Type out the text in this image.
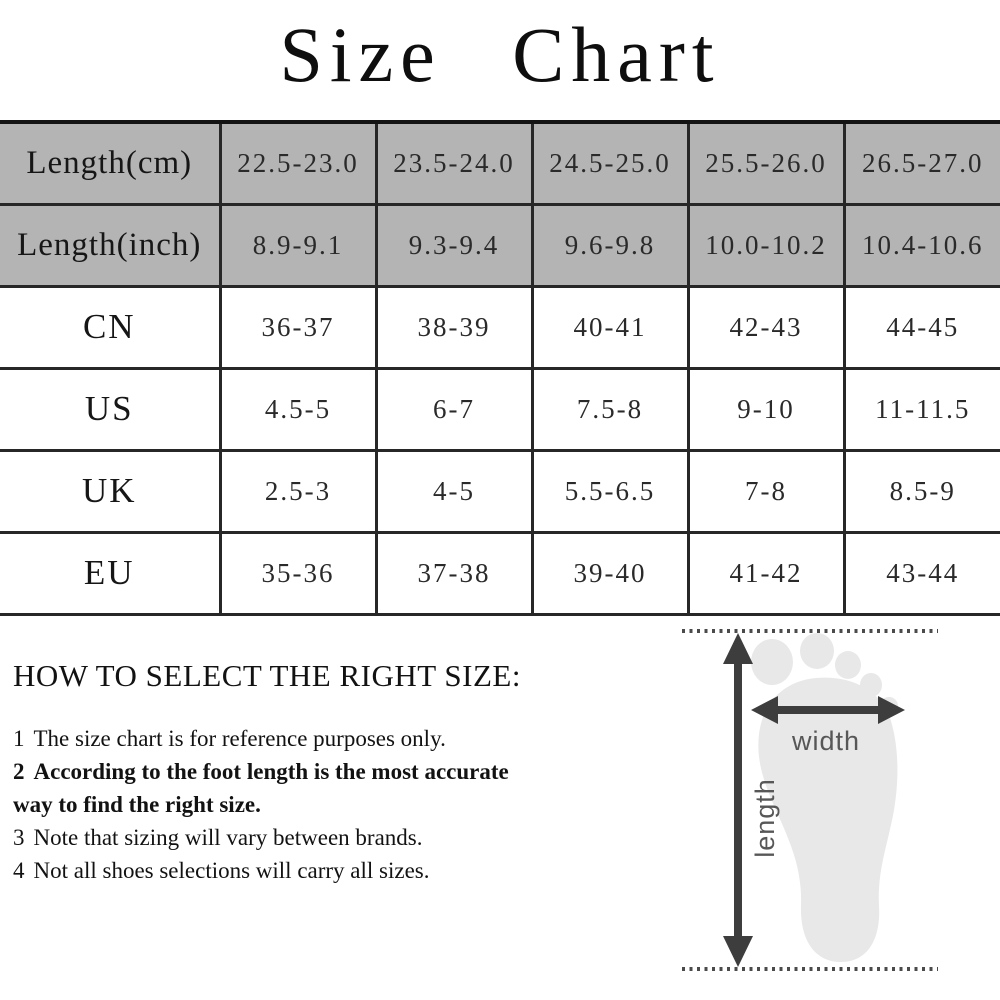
Size Chart
Length(cm)	22.5-23.0	23.5-24.0	24.5-25.0	25.5-26.0	26.5-27.0
Length(inch)	8.9-9.1	9.3-9.4	9.6-9.8	10.0-10.2	10.4-10.6
CN	36-37	38-39	40-41	42-43	44-45
US	4.5-5	6-7	7.5-8	9-10	11-11.5
UK	2.5-3	4-5	5.5-6.5	7-8	8.5-9
EU	35-36	37-38	39-40	41-42	43-44
HOW TO SELECT THE RIGHT SIZE:

1 The size chart is for reference purposes only.

2 According to the foot length is the most accurate way to find the right size.

3 Note that sizing will vary between brands.

4 Not all shoes selections will carry all sizes.

width
length
